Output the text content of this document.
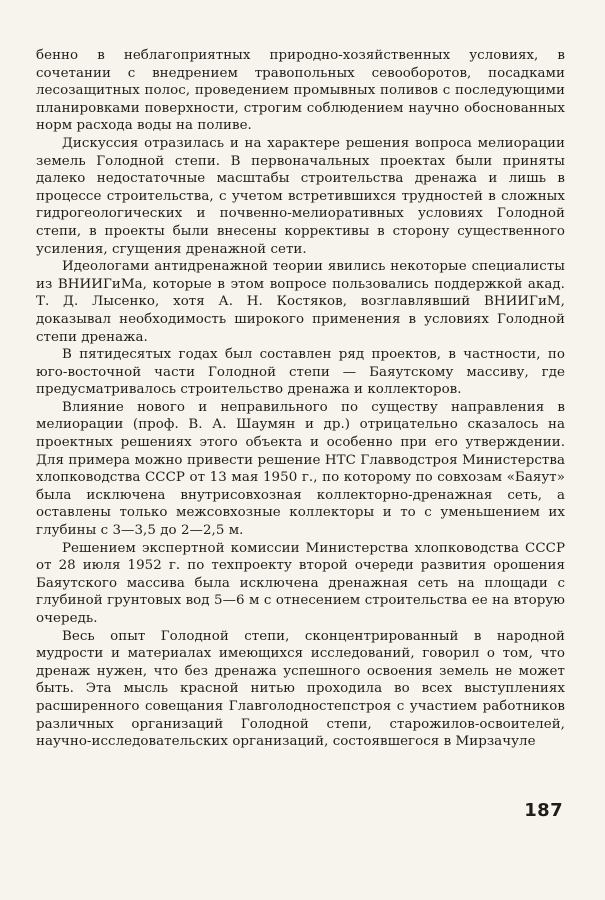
бенно в неблагоприятных природно-хозяйственных условиях, в сочетании с внедрением травопольных севооборотов, посадками лесозащитных полос, проведением промывных поливов с последующими планировками поверхности, строгим соблюдением научно обоснованных норм расхода воды на поливе.

Дискуссия отразилась и на характере решения вопроса мелиорации земель Голодной степи. В первоначальных проектах были приняты далеко недостаточные масштабы строительства дренажа и лишь в процессе строительства, с учетом встретившихся трудностей в сложных гидрогеологических и почвенно-мелиоративных условиях Голодной степи, в проекты были внесены коррективы в сторону существенного усиления, сгущения дренажной сети.

Идеологами антидренажной теории явились некоторые специалисты из ВНИИГиМа, которые в этом вопросе пользовались поддержкой акад. Т. Д. Лысенко, хотя А. Н. Костяков, возглавлявший ВНИИГиМ, доказывал необходимость широкого применения в условиях Голодной степи дренажа.

В пятидесятых годах был составлен ряд проектов, в частности, по юго-восточной части Голодной степи — Баяутскому массиву, где предусматривалось строительство дренажа и коллекторов.

Влияние нового и неправильного по существу направления в мелиорации (проф. В. А. Шаумян и др.) отрицательно сказалось на проектных решениях этого объекта и особенно при его утверждении. Для примера можно привести решение НТС Главводстроя Министерства хлопководства СССР от 13 мая 1950 г., по которому по совхозам «Баяут» была исключена внутрисовхозная коллекторно-дренажная сеть, а оставлены только межсовхозные коллекторы и то с уменьшением их глубины с 3—3,5 до 2—2,5 м.

Решением экспертной комиссии Министерства хлопководства СССР от 28 июля 1952 г. по техпроекту второй очереди развития орошения Баяутского массива была исключена дренажная сеть на площади с глубиной грунтовых вод 5—6 м с отнесением строительства ее на вторую очередь.

Весь опыт Голодной степи, сконцентрированный в народной мудрости и материалах имеющихся исследований, говорил о том, что дренаж нужен, что без дренажа успешного освоения земель не может быть. Эта мысль красной нитью проходила во всех выступлениях расширенного совещания Главголодностепстроя с участием работников различных организаций Голодной степи, старожилов-освоителей, научно-исследовательских организаций, состоявшегося в Мирзачуле

187
